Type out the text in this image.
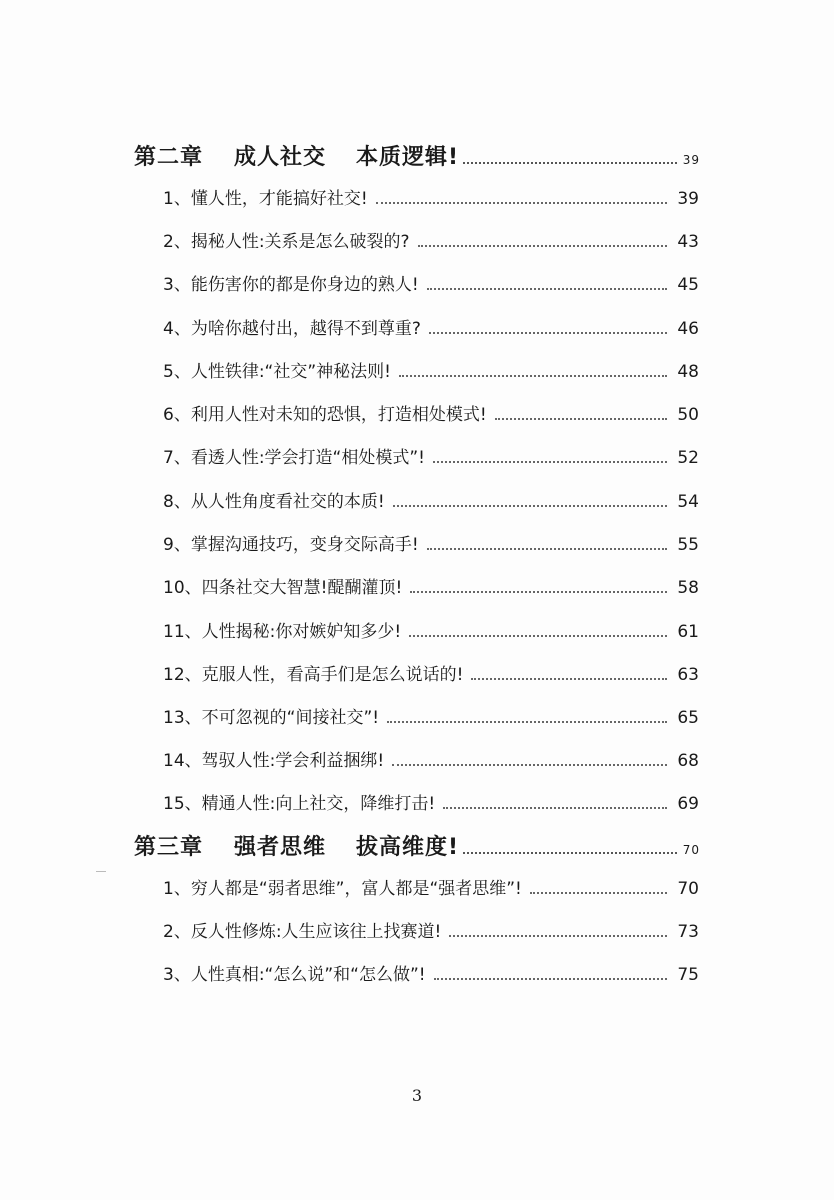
第二章	成人社交 本质逻辑!	39
1、 懂人性，才能搞好社交!	39
2、 揭秘人性:关系是怎么破裂的?	43
3、 能伤害你的都是你身边的熟人!	45
4、 为啥你越付出，越得不到尊重?	46
5、 人性铁律:“社交”神秘法则!	48
6、 利用人性对未知的恐惧，打造相处模式!	50
7、 看透人性:学会打造“相处模式”!	52
8、 从人性角度看社交的本质!	54
9、 掌握沟通技巧，变身交际高手!	55
10、 四条社交大智慧!醍醐灌顶!	58
11、 人性揭秘:你对嫉妒知多少!	61
12、 克服人性，看高手们是怎么说话的!	63
13、 不可忽视的“间接社交”!	65
14、 驾驭人性:学会利益捆绑!	68
15、 精通人性:向上社交，降维打击!	69
第三章	强者思维 拔高维度!	70
1、 穷人都是“弱者思维”，富人都是“强者思维”!	70
2、 反人性修炼:人生应该往上找赛道!	73
3、 人性真相:“怎么说”和“怎么做”!	75
3
